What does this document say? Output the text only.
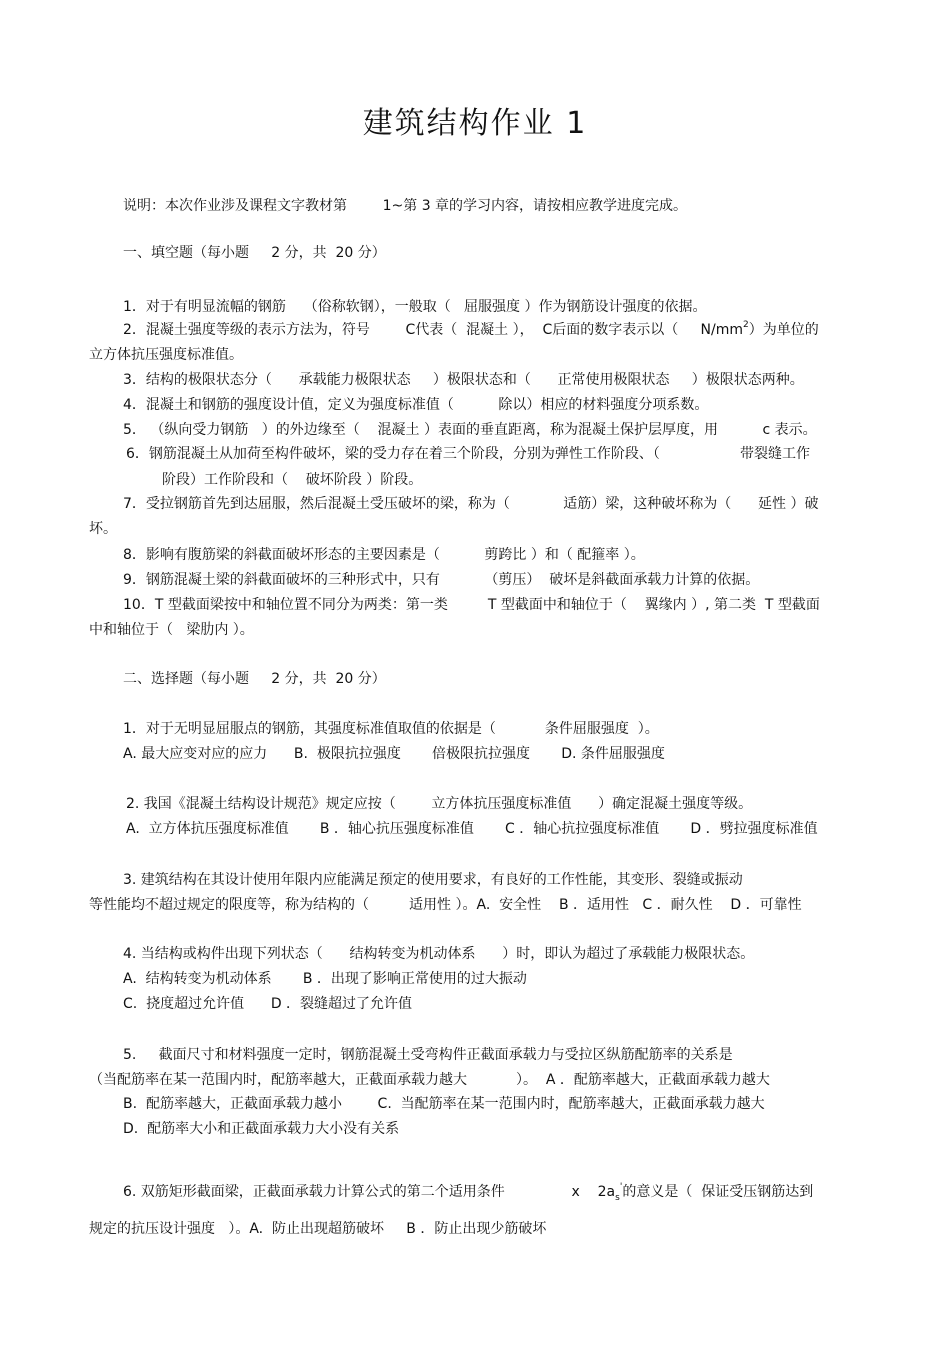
建筑结构作业 1
说明：本次作业涉及课程文字教材第        1~第 3 章的学习内容，请按相应教学进度完成。
一、填空题（每小题     2 分，共  20 分）
1．对于有明显流幅的钢筋    （俗称软钢），一般取（   屈服强度 ）作为钢筋设计强度的依据。
2．混凝土强度等级的表示方法为，符号        C代表（  混凝土 ），  C后面的数字表示以（     $N/mm^2$）为单位的
立方体抗压强度标准值。
3．结构的极限状态分（      承载能力极限状态     ）极限状态和（      正常使用极限状态     ）极限状态两种。
4．混凝土和钢筋的强度设计值，定义为强度标准值（          除以）相应的材料强度分项系数。
5． （纵向受力钢筋   ）的外边缘至（    混凝土 ）表面的垂直距离，称为混凝土保护层厚度，用          c 表示。
6．钢筋混凝土从加荷至构件破坏，梁的受力存在着三个阶段，分别为弹性工作阶段、（                  带裂缝工作
阶段）工作阶段和（    破坏阶段 ）阶段。
7．受拉钢筋首先到达屈服，然后混凝土受压破坏的梁，称为（            适筋）梁，这种破坏称为（      延性 ）破
坏。
8．影响有腹筋梁的斜截面破坏形态的主要因素是（          剪跨比 ）和（ 配箍率 ）。
9．钢筋混凝土梁的斜截面破坏的三种形式中，只有          （剪压）  破坏是斜截面承载力计算的依据。
10．T 型截面梁按中和轴位置不同分为两类：第一类         T 型截面中和轴位于（    翼缘内 ）, 第二类  T 型截面
中和轴位于（   梁肋内 ）。
二、选择题（每小题     2 分，共  20 分）
1．对于无明显屈服点的钢筋，其强度标准值取值的依据是（           条件屈服强度  ）。
A. 最大应变对应的应力      B.  极限抗拉强度       倍极限抗拉强度       D. 条件屈服强度
2. 我国《混凝土结构设计规范》规定应按（        立方体抗压强度标准值      ）确定混凝土强度等级。
A.  立方体抗压强度标准值       B ．轴心抗压强度标准值       C ．轴心抗拉强度标准值       D ．劈拉强度标准值
3. 建筑结构在其设计使用年限内应能满足预定的使用要求，有良好的工作性能，其变形、裂缝或振动
等性能均不超过规定的限度等，称为结构的（         适用性 ）。A.  安全性    B ．适用性   C ．耐久性    D ．可靠性
4. 当结构或构件出现下列状态（      结构转变为机动体系      ）时，即认为超过了承载能力极限状态。
A.  结构转变为机动体系       B ．出现了影响正常使用的过大振动
C.  挠度超过允许值      D ．裂缝超过了允许值
5.     截面尺寸和材料强度一定时，钢筋混凝土受弯构件正截面承载力与受拉区纵筋配筋率的关系是
（当配筋率在某一范围内时，配筋率越大，正截面承载力越大           ）。  A ．配筋率越大，正截面承载力越大
B.  配筋率越大，正截面承载力越小        C.  当配筋率在某一范围内时，配筋率越大，正截面承载力越大
D.  配筋率大小和正截面承载力大小没有关系
6. 双筋矩形截面梁，正截面承载力计算公式的第二个适用条件               x    $2a_s'$的意义是（  保证受压钢筋达到
规定的抗压设计强度   ）。A.  防止出现超筋破坏     B ．防止出现少筋破坏
